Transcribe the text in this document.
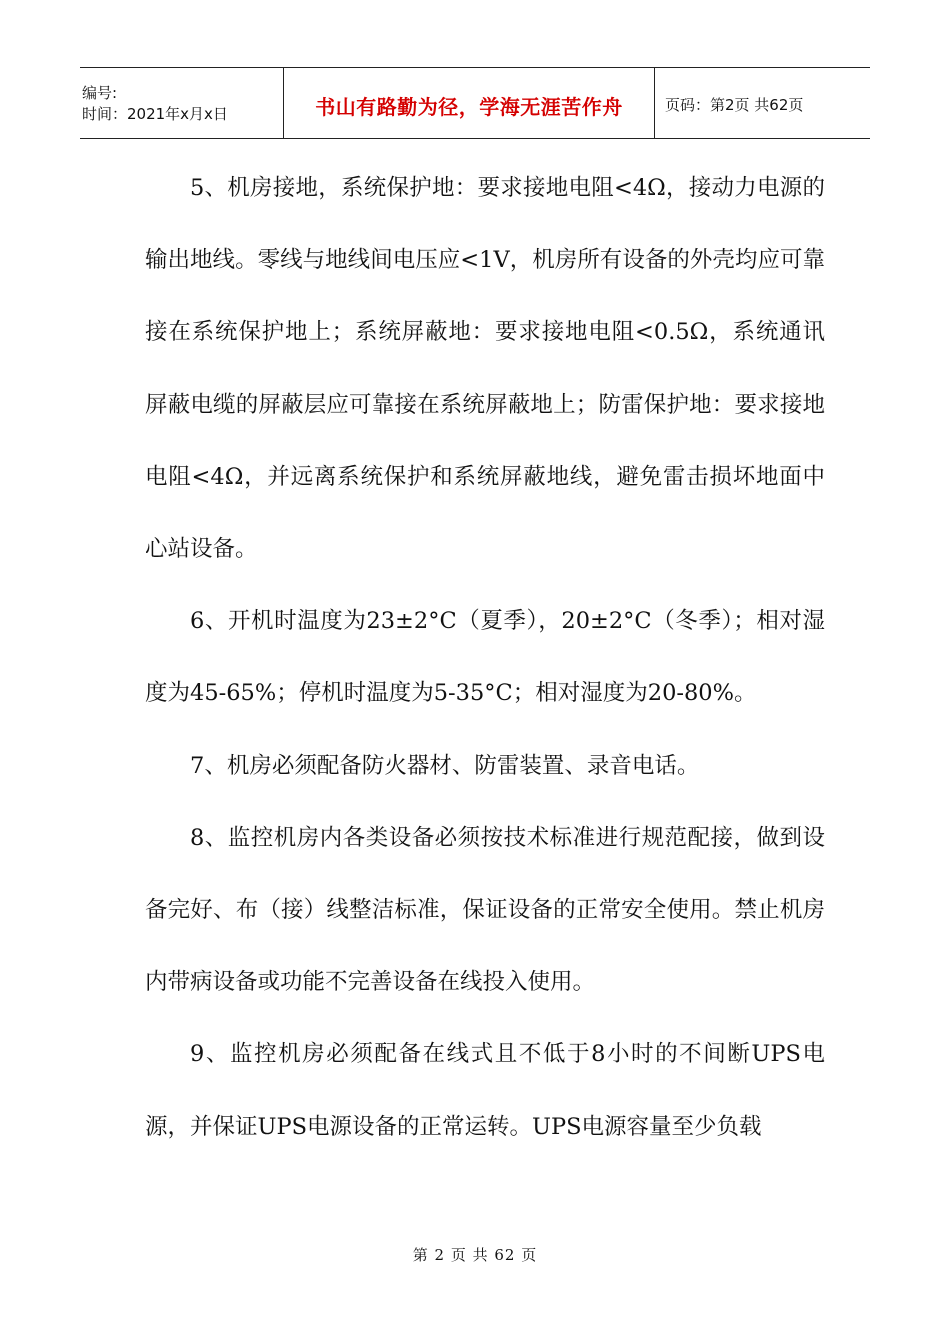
编号:
时间：2021年x月x日	书山有路勤为径，学海无涯苦作舟	页码：第2页 共62页

5、机房接地，系统保护地：要求接地电阻<4Ω，接动力电源的输出地线。零线与地线间电压应<1V，机房所有设备的外壳均应可靠接在系统保护地上；系统屏蔽地：要求接地电阻<0.5Ω，系统通讯屏蔽电缆的屏蔽层应可靠接在系统屏蔽地上；防雷保护地：要求接地电阻<4Ω，并远离系统保护和系统屏蔽地线，避免雷击损坏地面中心站设备。

6、开机时温度为23±2°C（夏季），20±2°C（冬季）；相对湿度为45-65%；停机时温度为5-35°C；相对湿度为20-80%。

7、机房必须配备防火器材、防雷装置、录音电话。

8、监控机房内各类设备必须按技术标准进行规范配接，做到设备完好、布（接）线整洁标准，保证设备的正常安全使用。禁止机房内带病设备或功能不完善设备在线投入使用。

9、监控机房必须配备在线式且不低于8小时的不间断UPS电源，并保证UPS电源设备的正常运转。UPS电源容量至少负载

第 2 页 共 62 页
